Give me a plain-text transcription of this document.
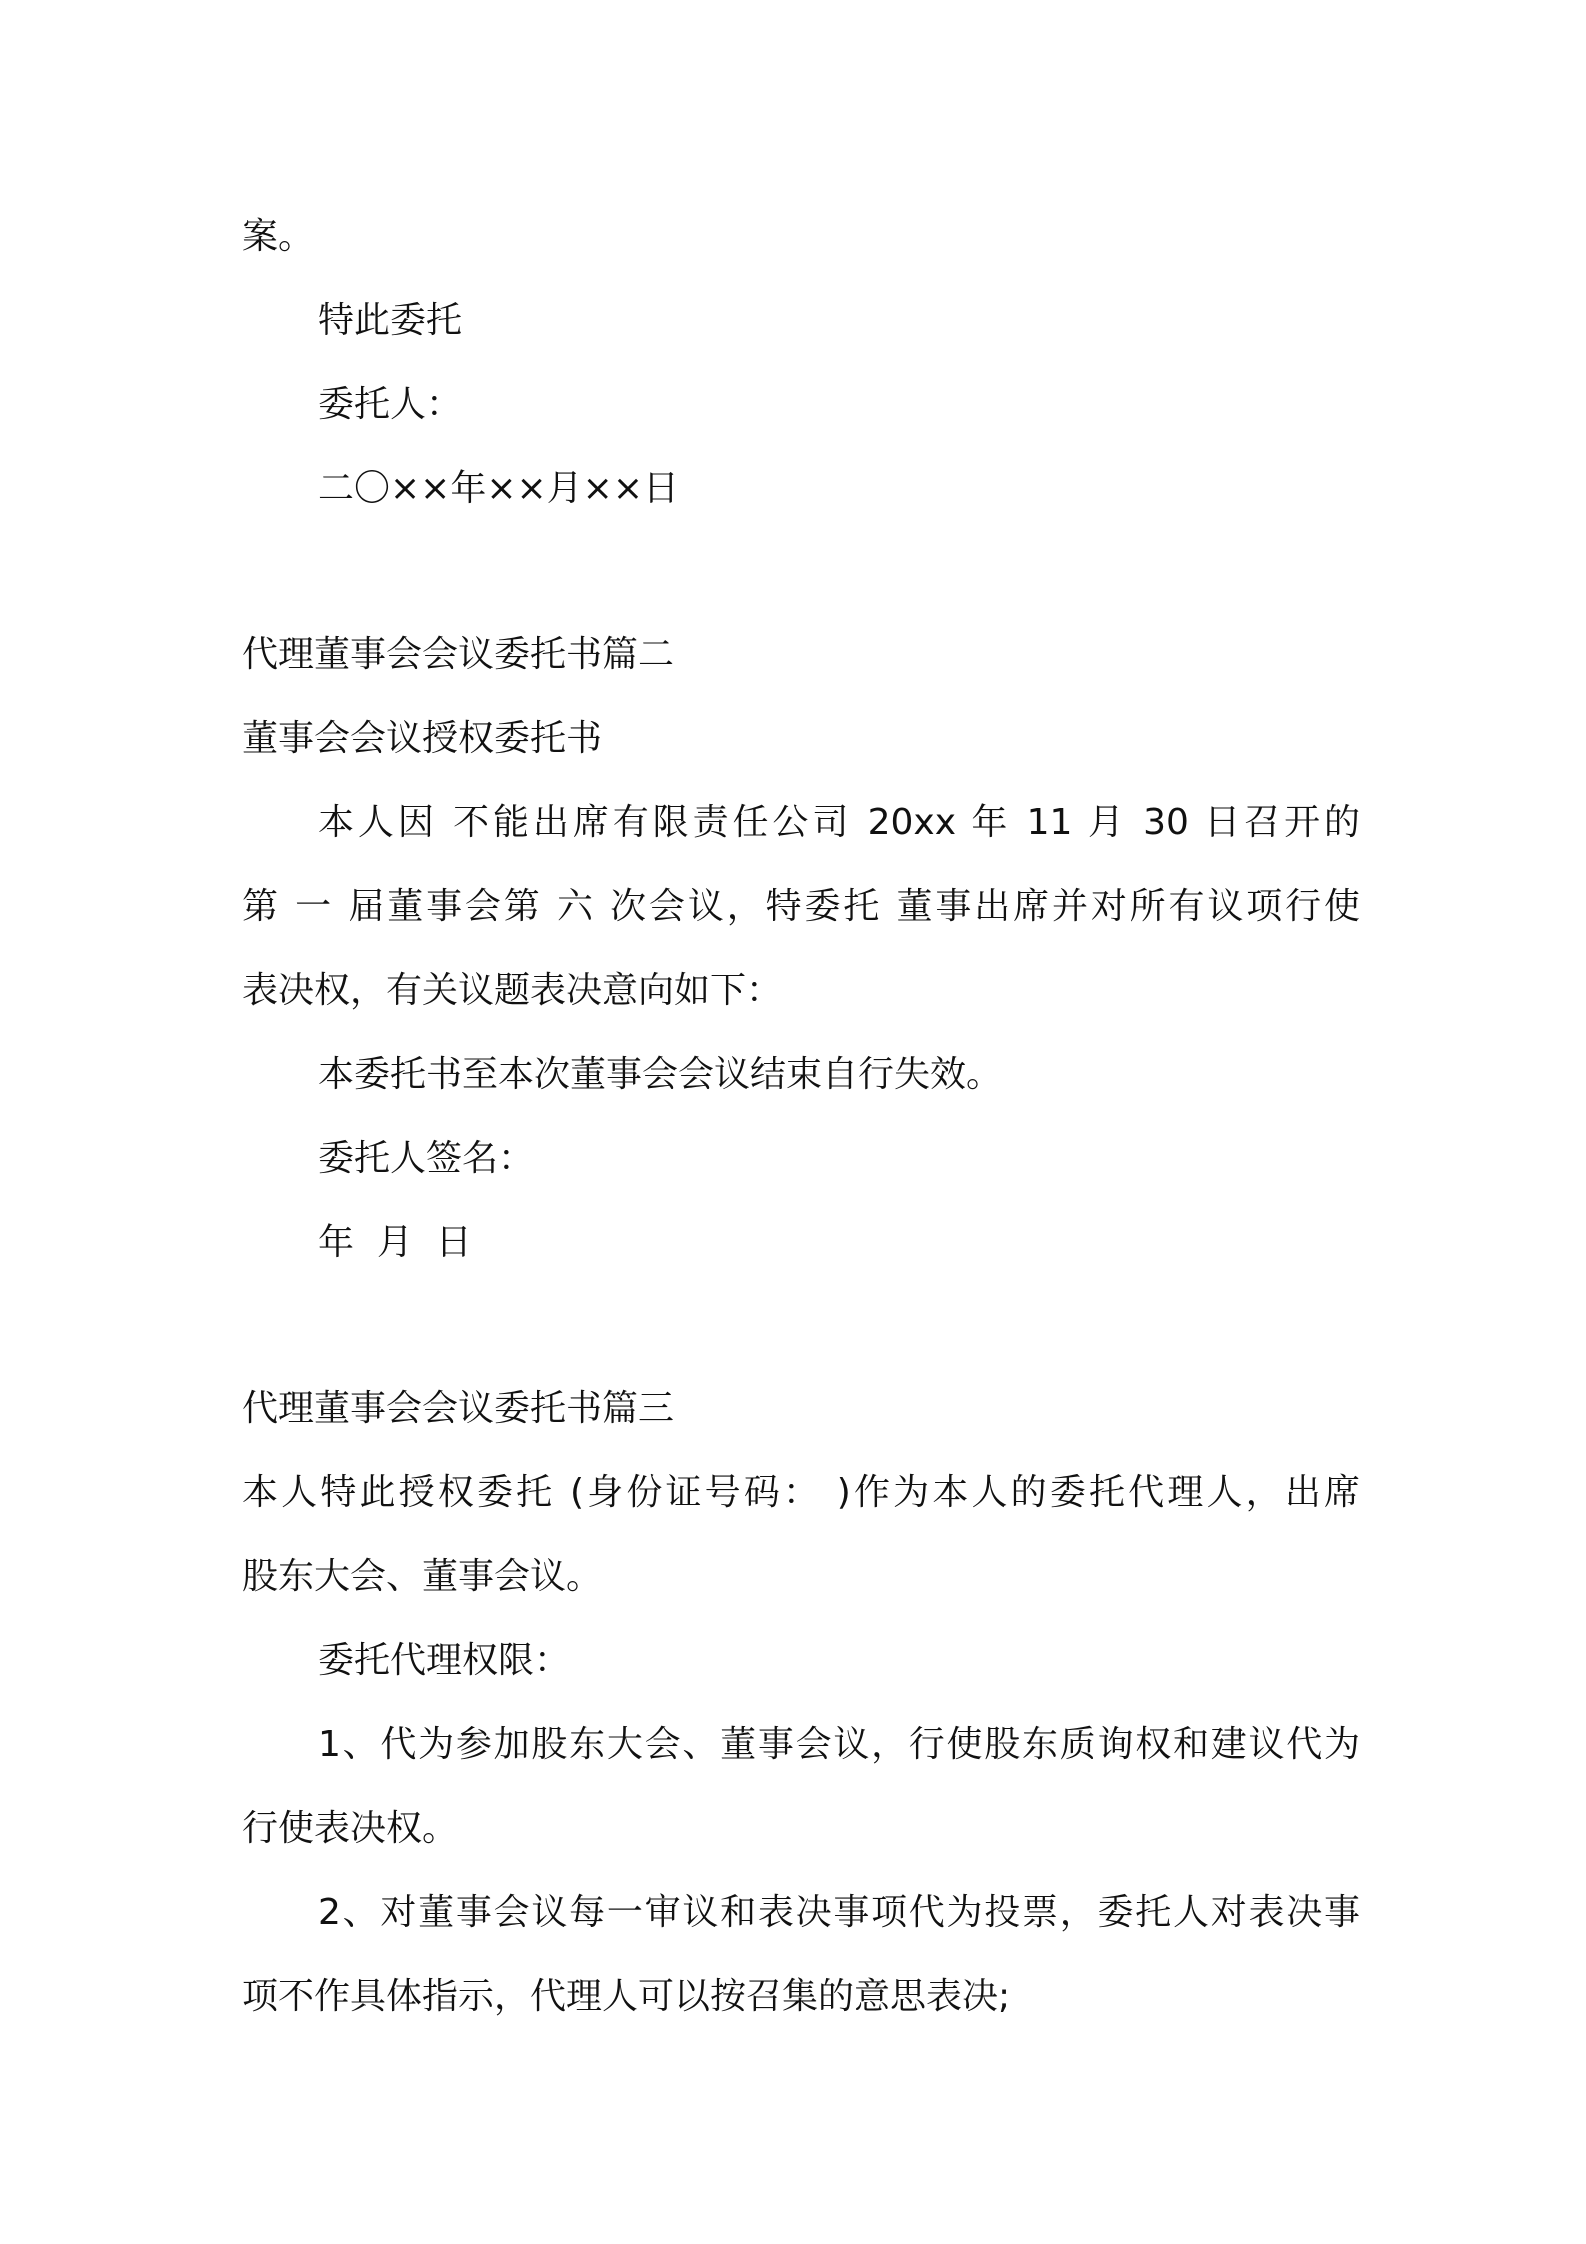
案。

特此委托

委托人：

二〇××年××月××日

代理董事会会议委托书篇二

董事会会议授权委托书

本人因 不能出席有限责任公司 20xx 年 11 月 30 日召开的

第 一 届董事会第 六 次会议，特委托 董事出席并对所有议项行使

表决权，有关议题表决意向如下：

本委托书至本次董事会会议结束自行失效。

委托人签名：

年  月  日

代理董事会会议委托书篇三

本人特此授权委托 (身份证号码： )作为本人的委托代理人，出席

股东大会、董事会议。

委托代理权限：

1、代为参加股东大会、董事会议，行使股东质询权和建议代为

行使表决权。

2、对董事会议每一审议和表决事项代为投票，委托人对表决事

项不作具体指示，代理人可以按召集的意思表决;
